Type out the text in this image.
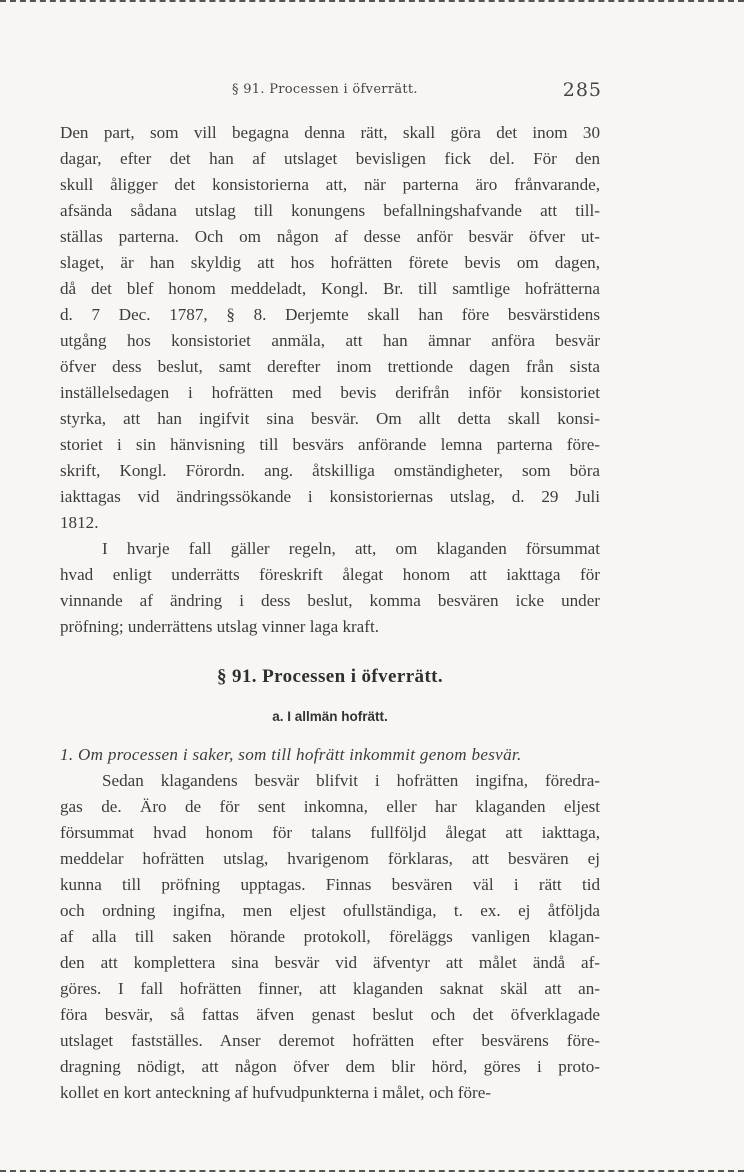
§ 91. Processen i öfverrätt.	285

Den part, som vill begagna denna rätt, skall göra det inom 30
dagar, efter det han af utslaget bevisligen fick del. För den
skull åligger det konsistorierna att, när parterna äro frånvarande,
afsända sådana utslag till konungens befallningshafvande att till-
ställas parterna. Och om någon af desse anför besvär öfver ut-
slaget, är han skyldig att hos hofrätten förete bevis om dagen,
då det blef honom meddeladt, Kongl. Br. till samtlige hofrätterna
d. 7 Dec. 1787, § 8. Derjemte skall han före besvärstidens
utgång hos konsistoriet anmäla, att han ämnar anföra besvär
öfver dess beslut, samt derefter inom trettionde dagen från sista
inställelsedagen i hofrätten med bevis derifrån inför konsistoriet
styrka, att han ingifvit sina besvär. Om allt detta skall konsi-
storiet i sin hänvisning till besvärs anförande lemna parterna före-
skrift, Kongl. Förordn. ang. åtskilliga omständigheter, som böra
iakttagas vid ändringssökande i konsistoriernas utslag, d. 29 Juli
1812.

I hvarje fall gäller regeln, att, om klaganden försummat
hvad enligt underrätts föreskrift ålegat honom att iakttaga för
vinnande af ändring i dess beslut, komma besvären icke under
pröfning; underrättens utslag vinner laga kraft.

§ 91. Processen i öfverrätt.
a. I allmän hofrätt.
1. Om processen i saker, som till hofrätt inkommit genom besvär.

Sedan klagandens besvär blifvit i hofrätten ingifna, föredra-
gas de. Äro de för sent inkomna, eller har klaganden eljest
försummat hvad honom för talans fullföljd ålegat att iakttaga,
meddelar hofrätten utslag, hvarigenom förklaras, att besvären ej
kunna till pröfning upptagas. Finnas besvären väl i rätt tid
och ordning ingifna, men eljest ofullständiga, t. ex. ej åtföljda
af alla till saken hörande protokoll, föreläggs vanligen klagan-
den att komplettera sina besvär vid äfventyr att målet ändå af-
göres. I fall hofrätten finner, att klaganden saknat skäl att an-
föra besvär, så fattas äfven genast beslut och det öfverklagade
utslaget fastställes. Anser deremot hofrätten efter besvärens före-
dragning nödigt, att någon öfver dem blir hörd, göres i proto-
kollet en kort anteckning af hufvudpunkterna i målet, och före-
